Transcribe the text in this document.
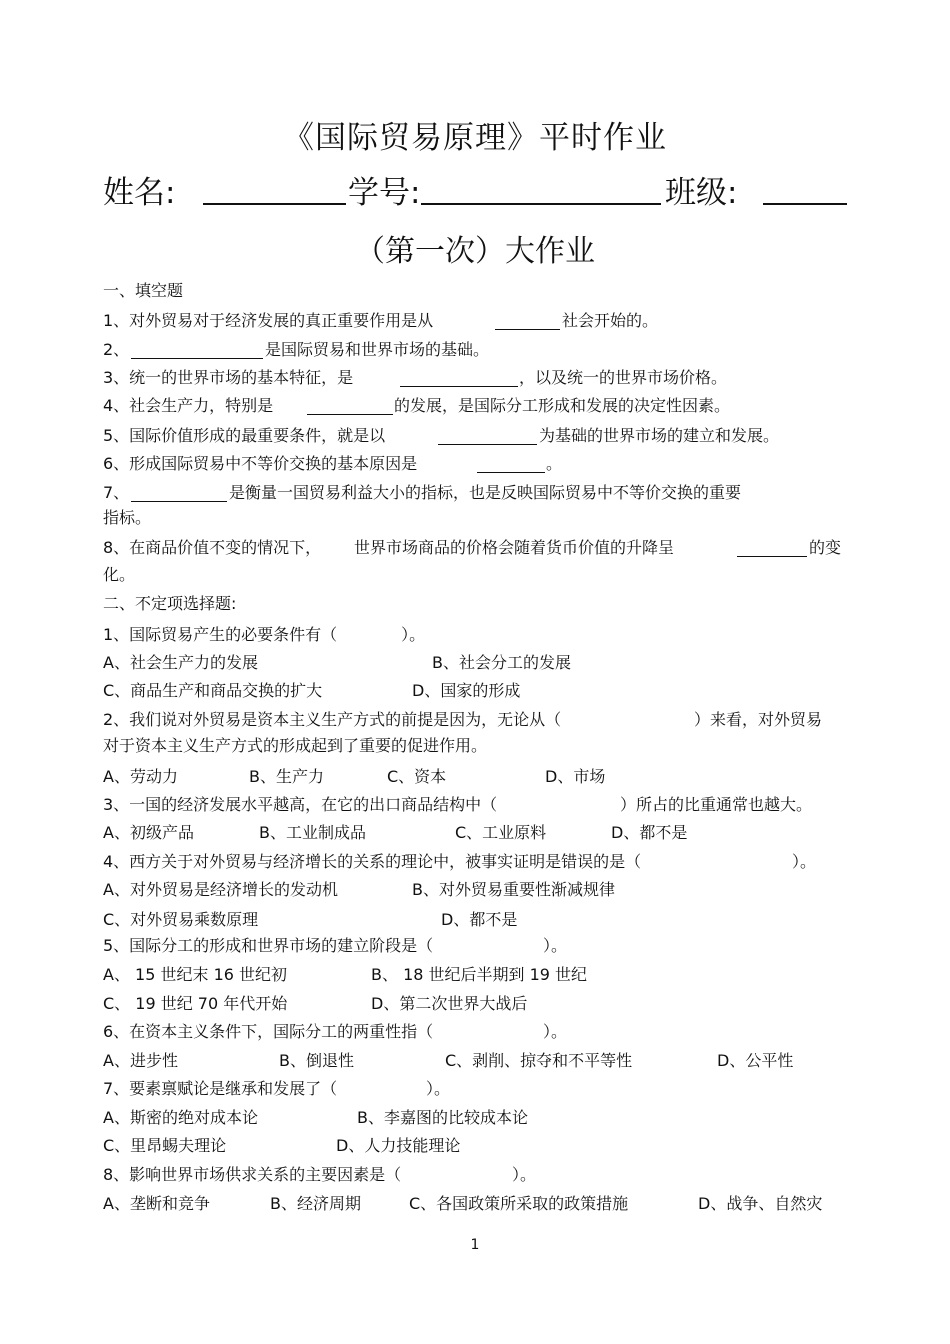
《国际贸易原理》平时作业
姓名:	学号:	班级:
（第一次）大作业
一、填空题
1、对外贸易对于经济发展的真正重要作用是从	社会开始的。
2、	是国际贸易和世界市场的基础。
3、统一的世界市场的基本特征，是	，以及统一的世界市场价格。
4、社会生产力，特别是	的发展，是国际分工形成和发展的决定性因素。
5、国际价值形成的最重要条件，就是以	为基础的世界市场的建立和发展。
6、形成国际贸易中不等价交换的基本原因是	。
7、	是衡量一国贸易利益大小的指标，也是反映国际贸易中不等价交换的重要
指标。
8、在商品价值不变的情况下， 世界市场商品的价格会随着货币价值的升降呈	的变
化。
二、不定项选择题:
1、国际贸易产生的必要条件有（　　　　）。
A、社会生产力的发展	B、社会分工的发展
C、商品生产和商品交换的扩大	D、国家的形成
2、我们说对外贸易是资本主义生产方式的前提是因为，无论从（	）来看，对外贸易
对于资本主义生产方式的形成起到了重要的促进作用。
A、劳动力	B、生产力	C、资本	D、市场
3、一国的经济发展水平越高，在它的出口商品结构中（	）所占的比重通常也越大。
A、初级产品	B、工业制成品	C、工业原料	D、都不是
4、西方关于对外贸易与经济增长的关系的理论中，被事实证明是错误的是（	）。
A、对外贸易是经济增长的发动机	B、对外贸易重要性渐减规律
C、对外贸易乘数原理	D、都不是
5、国际分工的形成和世界市场的建立阶段是（	）。
A、 15 世纪末 16 世纪初	B、 18 世纪后半期到 19 世纪
C、 19 世纪 70 年代开始	D、第二次世界大战后
6、在资本主义条件下，国际分工的两重性指（	）。
A、进步性	B、倒退性	C、剥削、掠夺和不平等性	D、公平性
7、要素禀赋论是继承和发展了（	）。
A、斯密的绝对成本论	B、李嘉图的比较成本论
C、里昂蜴夫理论	D、人力技能理论
8、影响世界市场供求关系的主要因素是（	）。
A、垄断和竞争	B、经济周期	C、各国政策所采取的政策措施	D、战争、自然灾
1
